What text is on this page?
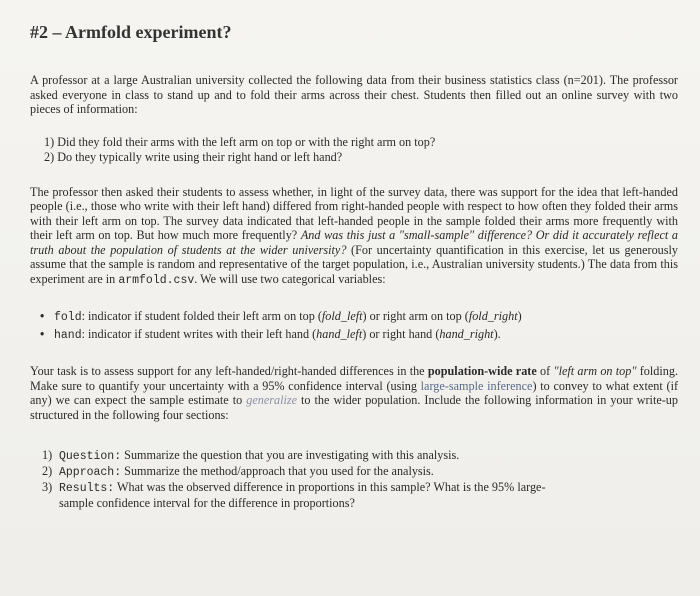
#2 – Armfold experiment?

A professor at a large Australian university collected the following data from their business statistics class (n=201). The professor asked everyone in class to stand up and to fold their arms across their chest. Students then filled out an online survey with two pieces of information:

1) Did they fold their arms with the left arm on top or with the right arm on top?
2) Do they typically write using their right hand or left hand?

The professor then asked their students to assess whether, in light of the survey data, there was support for the idea that left-handed people (i.e., those who write with their left hand) differed from right-handed people with respect to how often they folded their arms with their left arm on top. The survey data indicated that left-handed people in the sample folded their arms more frequently with their left arm on top. But how much more frequently? And was this just a "small-sample" difference? Or did it accurately reflect a truth about the population of students at the wider university? (For uncertainty quantification in this exercise, let us generously assume that the sample is random and representative of the target population, i.e., Australian university students.) The data from this experiment are in armfold.csv. We will use two categorical variables:

• fold: indicator if student folded their left arm on top (fold_left) or right arm on top (fold_right)
• hand: indicator if student writes with their left hand (hand_left) or right hand (hand_right).

Your task is to assess support for any left-handed/right-handed differences in the population-wide rate of "left arm on top" folding. Make sure to quantify your uncertainty with a 95% confidence interval (using large-sample inference) to convey to what extent (if any) we can expect the sample estimate to generalize to the wider population. Include the following information in your write-up structured in the following four sections:

1) Question: Summarize the question that you are investigating with this analysis.
2) Approach: Summarize the method/approach that you used for the analysis.
3) Results: What was the observed difference in proportions in this sample? What is the 95% large-
sample confidence interval for the difference in proportions?
